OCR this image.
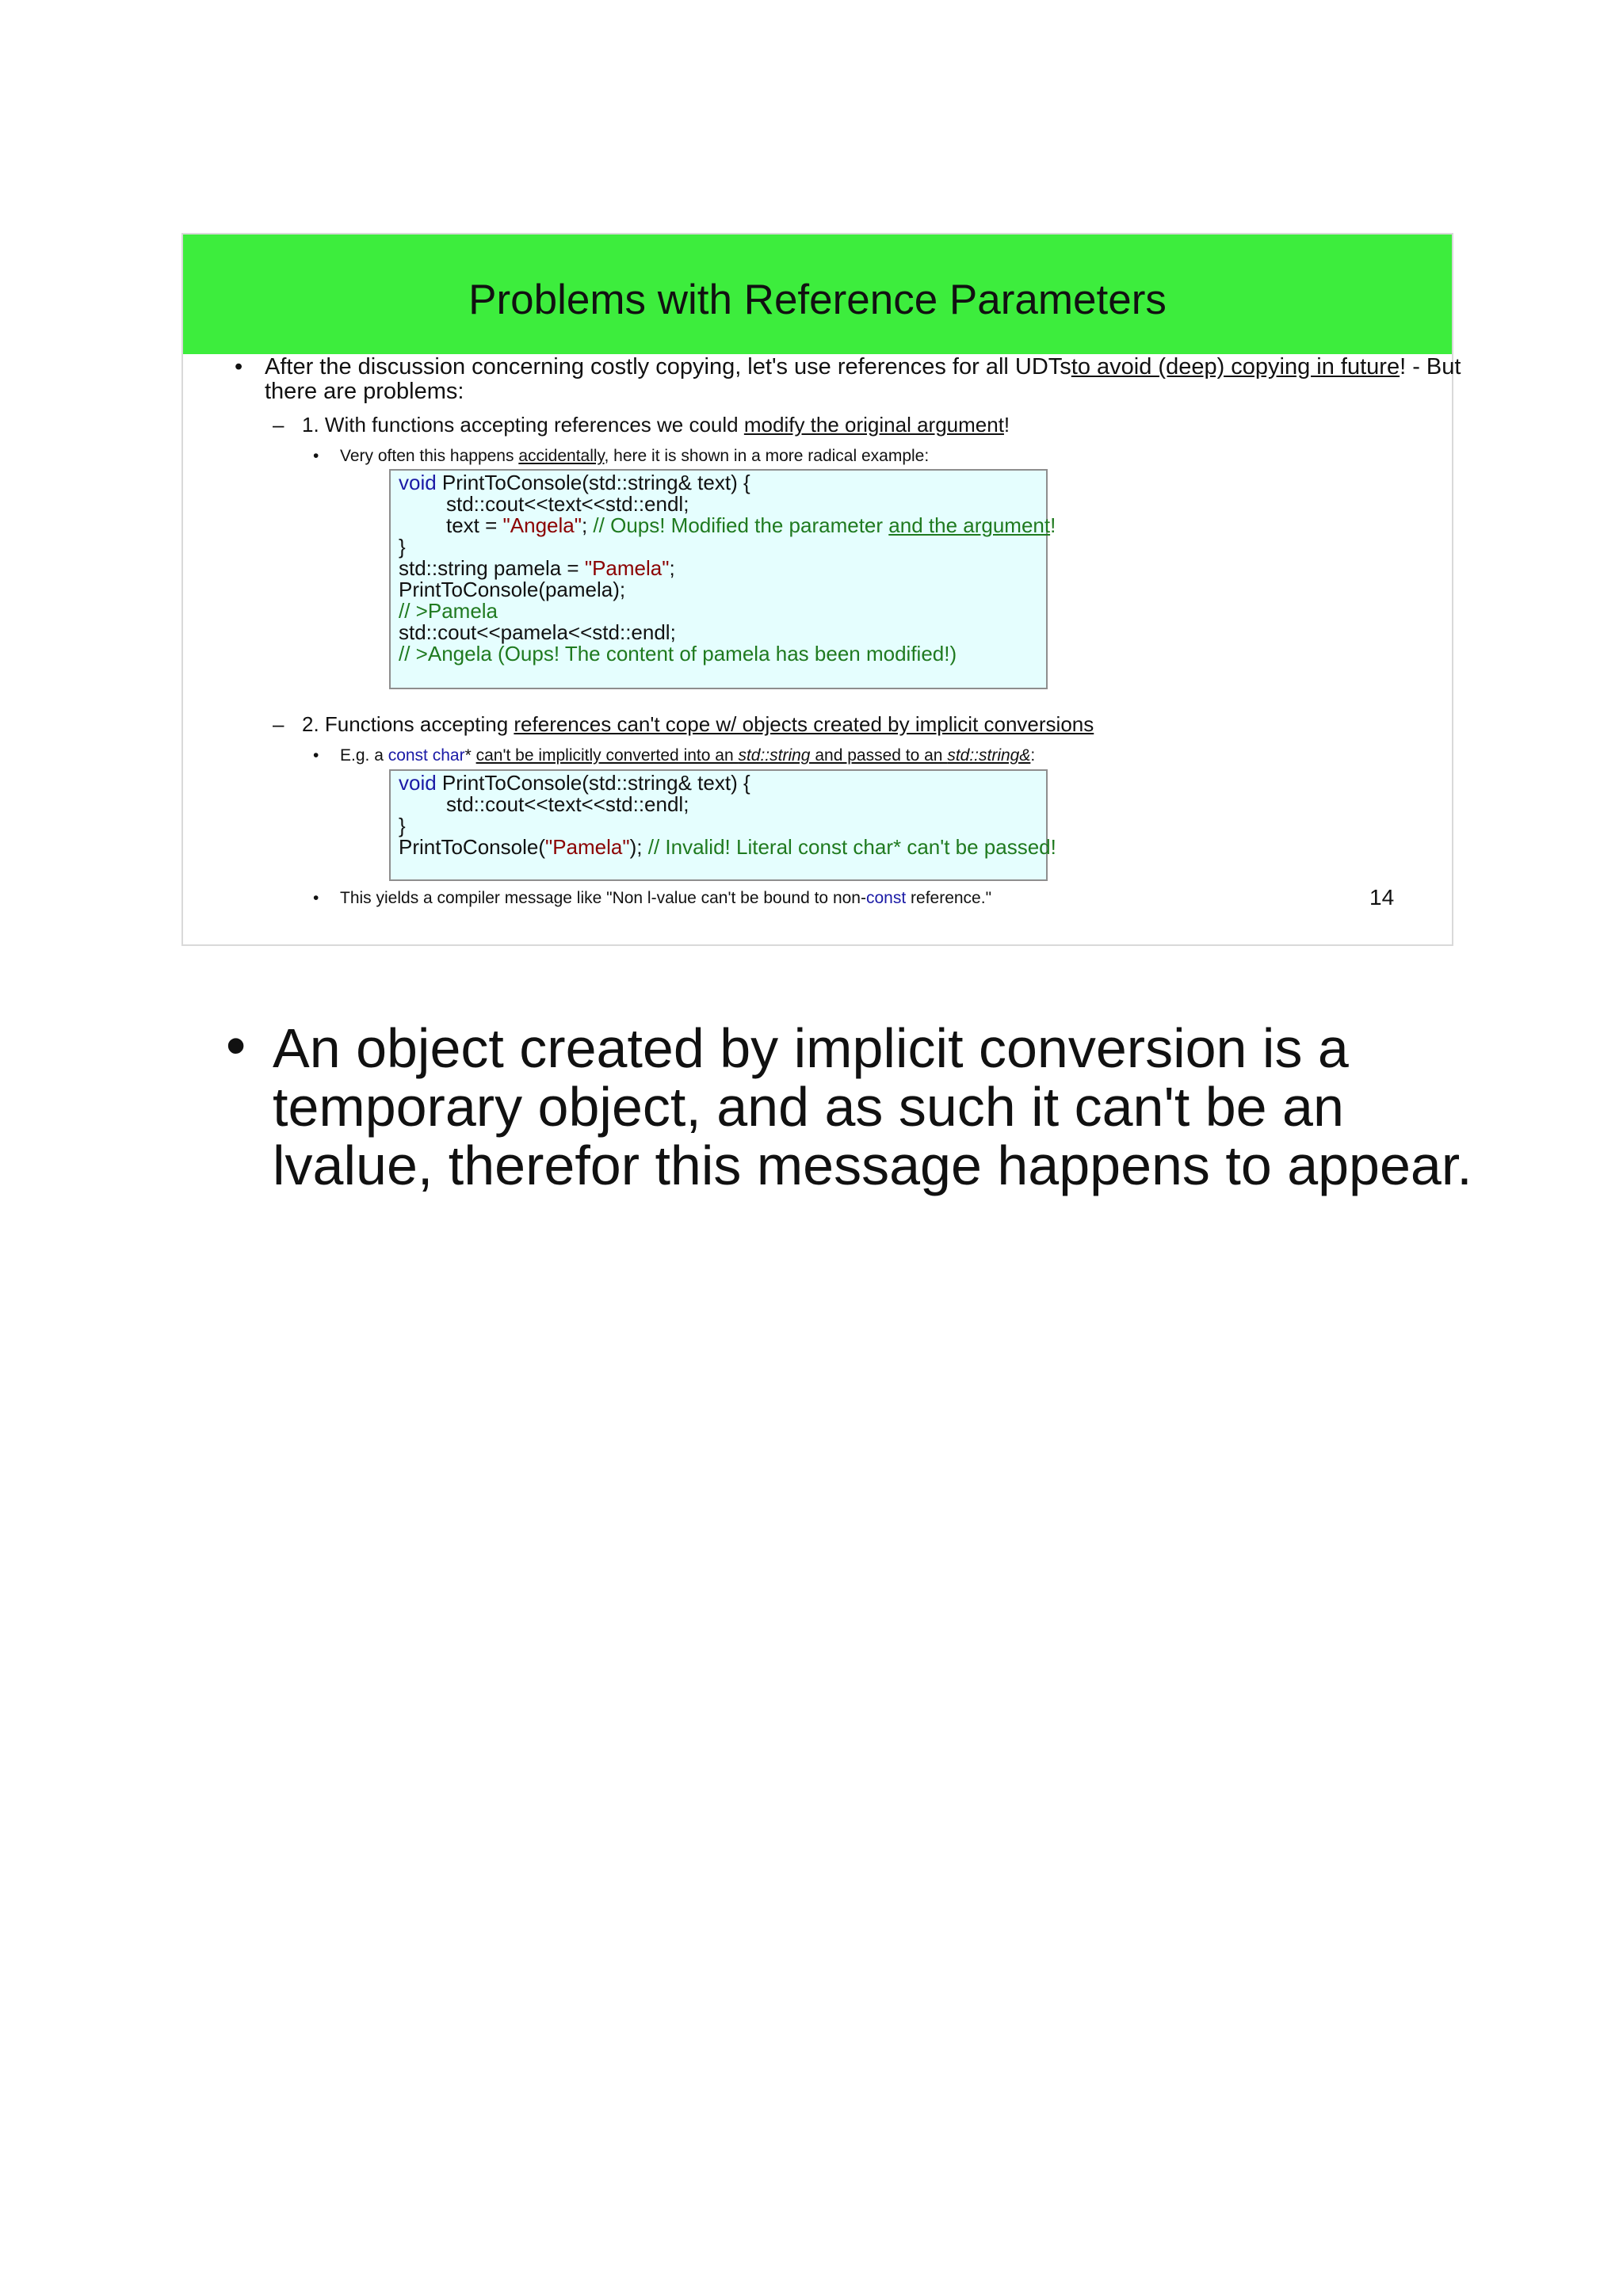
Problems with Reference Parameters
• After the discussion concerning costly copying, let's use references for all UDTsto avoid (deep) copying in future! - But
there are problems:
– 1. With functions accepting references we could modify the original argument!
• Very often this happens accidentally, here it is shown in a more radical example:
void PrintToConsole(std::string& text) {
std::cout<<text<<std::endl;
text = "Angela"; // Oups! Modified the parameter and the argument!
}
std::string pamela = "Pamela";
PrintToConsole(pamela);
// >Pamela
std::cout<<pamela<<std::endl;
// >Angela (Oups! The content of pamela has been modified!)
– 2. Functions accepting references can't cope w/ objects created by implicit conversions
• E.g. a const char* can't be implicitly converted into an std::string and passed to an std::string&:
void PrintToConsole(std::string& text) {
std::cout<<text<<std::endl;
}
PrintToConsole("Pamela"); // Invalid! Literal const char* can't be passed!
• This yields a compiler message like "Non l-value can't be bound to non-const reference."	14
• An object created by implicit conversion is a
temporary object, and as such it can't be an
lvalue, therefor this message happens to appear.
